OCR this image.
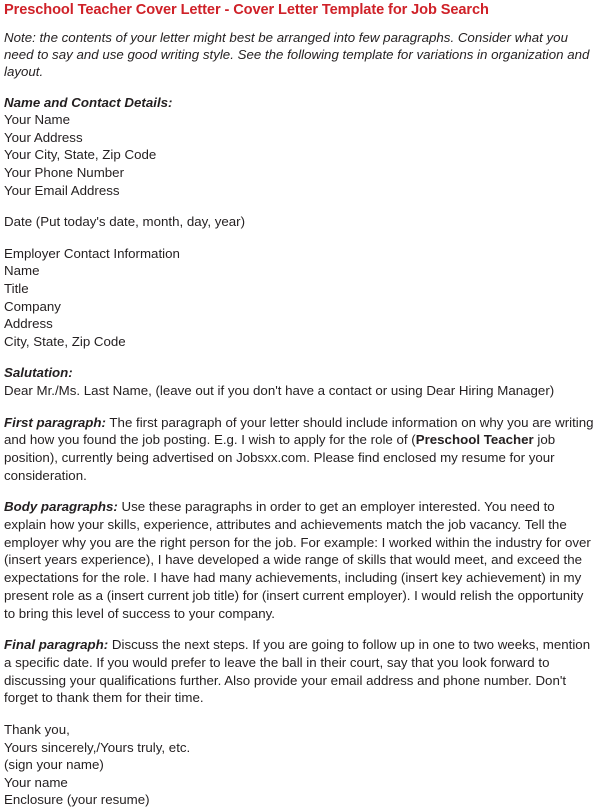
Preschool Teacher Cover Letter - Cover Letter Template for Job Search

Note: the contents of your letter might best be arranged into few paragraphs. Consider what you need to say and use good writing style. See the following template for variations in organization and layout.

Name and Contact Details:
Your Name
Your Address
Your City, State, Zip Code
Your Phone Number
Your Email Address
Date (Put today's date, month, day, year)
Employer Contact Information
Name
Title
Company
Address
City, State, Zip Code
Salutation:
Dear Mr./Ms. Last Name, (leave out if you don't have a contact or using Dear Hiring Manager)

First paragraph: The first paragraph of your letter should include information on why you are writing and how you found the job posting. E.g. I wish to apply for the role of (Preschool Teacher job position), currently being advertised on Jobsxx.com. Please find enclosed my resume for your consideration.

Body paragraphs: Use these paragraphs in order to get an employer interested. You need to explain how your skills, experience, attributes and achievements match the job vacancy. Tell the employer why you are the right person for the job. For example: I worked within the industry for over (insert years experience), I have developed a wide range of skills that would meet, and exceed the expectations for the role. I have had many achievements, including (insert key achievement) in my present role as a (insert current job title) for (insert current employer). I would relish the opportunity to bring this level of success to your company.

Final paragraph: Discuss the next steps. If you are going to follow up in one to two weeks, mention a specific date. If you would prefer to leave the ball in their court, say that you look forward to discussing your qualifications further. Also provide your email address and phone number. Don't forget to thank them for their time.

Thank you,
Yours sincerely,/Yours truly, etc.
(sign your name)
Your name
Enclosure (your resume)
